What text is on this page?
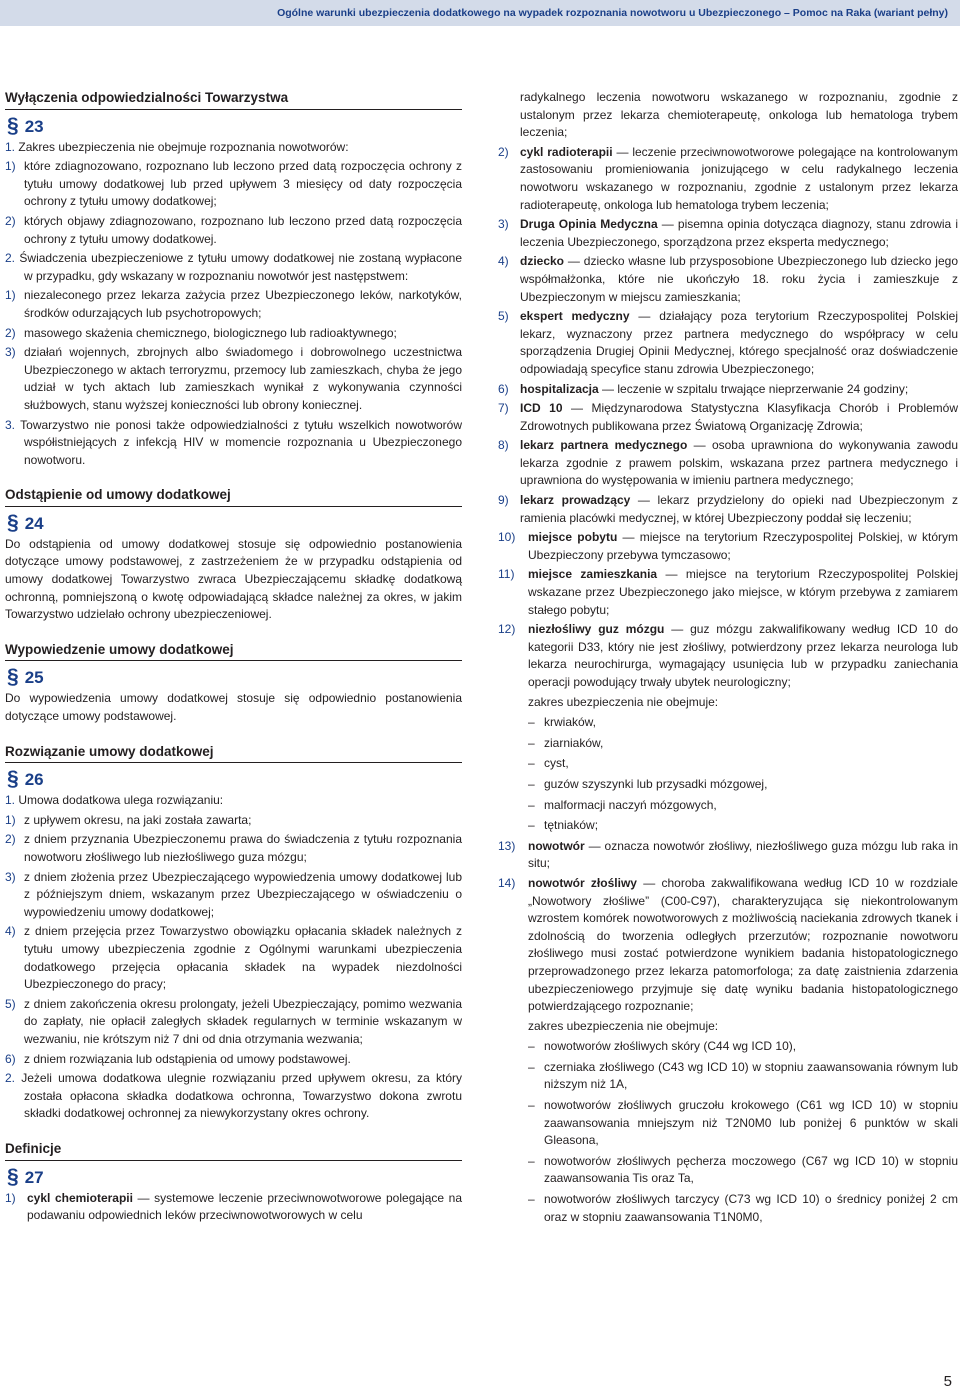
Ogólne warunki ubezpieczenia dodatkowego na wypadek rozpoznania nowotworu u Ubezpieczonego – Pomoc na Raka (wariant pełny)
Wyłączenia odpowiedzialności Towarzystwa
§ 23

1. Zakres ubezpieczenia nie obejmuje rozpoznania nowotworów:

1) które zdiagnozowano, rozpoznano lub leczono przed datą rozpoczęcia ochrony z tytułu umowy dodatkowej lub przed upływem 3 miesięcy od daty rozpoczęcia ochrony z tytułu umowy dodatkowej;
2) których objawy zdiagnozowano, rozpoznano lub leczono przed datą rozpoczęcia ochrony z tytułu umowy dodatkowej.

2. Świadczenia ubezpieczeniowe z tytułu umowy dodatkowej nie zostaną wypłacone w przypadku, gdy wskazany w rozpoznaniu nowotwór jest następstwem:

1) niezaleconego przez lekarza zażycia przez Ubezpieczonego leków, narkotyków, środków odurzających lub psychotropowych;
2) masowego skażenia chemicznego, biologicznego lub radioaktywnego;
3) działań wojennych, zbrojnych albo świadomego i dobrowolnego uczestnictwa Ubezpieczonego w aktach terroryzmu, przemocy lub zamieszkach, chyba że jego udział w tych aktach lub zamieszkach wynikał z wykonywania czynności służbowych, stanu wyższej konieczności lub obrony koniecznej.

3. Towarzystwo nie ponosi także odpowiedzialności z tytułu wszelkich nowotworów współistniejących z infekcją HIV w momencie rozpoznania u Ubezpieczonego nowotworu.

Odstąpienie od umowy dodatkowej
§ 24

Do odstąpienia od umowy dodatkowej stosuje się odpowiednio postanowienia dotyczące umowy podstawowej, z zastrzeżeniem że w przypadku odstąpienia od umowy dodatkowej Towarzystwo zwraca Ubezpieczającemu składkę dodatkową ochronną, pomniejszoną o kwotę odpowiadającą składce należnej za okres, w jakim Towarzystwo udzielało ochrony ubezpieczeniowej.

Wypowiedzenie umowy dodatkowej
§ 25

Do wypowiedzenia umowy dodatkowej stosuje się odpowiednio postanowienia dotyczące umowy podstawowej.

Rozwiązanie umowy dodatkowej
§ 26

1. Umowa dodatkowa ulega rozwiązaniu:

1) z upływem okresu, na jaki została zawarta;
2) z dniem przyznania Ubezpieczonemu prawa do świadczenia z tytułu rozpoznania nowotworu złośliwego lub niezłośliwego guza mózgu;
3) z dniem złożenia przez Ubezpieczającego wypowiedzenia umowy dodatkowej lub z późniejszym dniem, wskazanym przez Ubezpieczającego w oświadczeniu o wypowiedzeniu umowy dodatkowej;
4) z dniem przejęcia przez Towarzystwo obowiązku opłacania składek należnych z tytułu umowy ubezpieczenia zgodnie z Ogólnymi warunkami ubezpieczenia dodatkowego przejęcia opłacania składek na wypadek niezdolności Ubezpieczonego do pracy;
5) z dniem zakończenia okresu prolongaty, jeżeli Ubezpieczający, pomimo wezwania do zapłaty, nie opłacił zaległych składek regularnych w terminie wskazanym w wezwaniu, nie krótszym niż 7 dni od dnia otrzymania wezwania;
6) z dniem rozwiązania lub odstąpienia od umowy podstawowej.

2. Jeżeli umowa dodatkowa ulegnie rozwiązaniu przed upływem okresu, za który została opłacona składka dodatkowa ochronna, Towarzystwo dokona zwrotu składki dodatkowej ochronnej za niewykorzystany okres ochrony.

Definicje
§ 27
1) cykl chemioterapii — systemowe leczenie przeciwnowotworowe polegające na podawaniu odpowiednich leków przeciwnowotworowych w celu
radykalnego leczenia nowotworu wskazanego w rozpoznaniu, zgodnie z ustalonym przez lekarza chemioterapeutę, onkologa lub hematologa trybem leczenia;
2) cykl radioterapii — leczenie przeciwnowotworowe polegające na kontrolowanym zastosowaniu promieniowania jonizującego w celu radykalnego leczenia nowotworu wskazanego w rozpoznaniu, zgodnie z ustalonym przez lekarza radioterapeutę, onkologa lub hematologa trybem leczenia;
3) Druga Opinia Medyczna — pisemna opinia dotycząca diagnozy, stanu zdrowia i leczenia Ubezpieczonego, sporządzona przez eksperta medycznego;
4) dziecko — dziecko własne lub przysposobione Ubezpieczonego lub dziecko jego współmałżonka, które nie ukończyło 18. roku życia i zamieszkuje z Ubezpieczonym w miejscu zamieszkania;
5) ekspert medyczny — działający poza terytorium Rzeczypospolitej Polskiej lekarz, wyznaczony przez partnera medycznego do współpracy w celu sporządzenia Drugiej Opinii Medycznej, którego specjalność oraz doświadczenie odpowiadają specyfice stanu zdrowia Ubezpieczonego;
6) hospitalizacja — leczenie w szpitalu trwające nieprzerwanie 24 godziny;
7) ICD 10 — Międzynarodowa Statystyczna Klasyfikacja Chorób i Problemów Zdrowotnych publikowana przez Światową Organizację Zdrowia;
8) lekarz partnera medycznego — osoba uprawniona do wykonywania zawodu lekarza zgodnie z prawem polskim, wskazana przez partnera medycznego i uprawniona do występowania w imieniu partnera medycznego;
9) lekarz prowadzący — lekarz przydzielony do opieki nad Ubezpieczonym z ramienia placówki medycznej, w której Ubezpieczony poddał się leczeniu;
10) miejsce pobytu — miejsce na terytorium Rzeczypospolitej Polskiej, w którym Ubezpieczony przebywa tymczasowo;
11) miejsce zamieszkania — miejsce na terytorium Rzeczypospolitej Polskiej wskazane przez Ubezpieczonego jako miejsce, w którym przebywa z zamiarem stałego pobytu;
12) niezłośliwy guz mózgu — guz mózgu zakwalifikowany według ICD 10 do kategorii D33, który nie jest złośliwy, potwierdzony przez lekarza neurologa lub lekarza neurochirurga, wymagający usunięcia lub w przypadku zaniechania operacji powodujący trwały ubytek neurologiczny;
zakres ubezpieczenia nie obejmuje:
– krwiaków,
– ziarniaków,
– cyst,
– guzów szyszynki lub przysadki mózgowej,
– malformacji naczyń mózgowych,
– tętniaków;
13) nowotwór — oznacza nowotwór złośliwy, niezłośliwego guza mózgu lub raka in situ;
14) nowotwór złośliwy — choroba zakwalifikowana według ICD 10 w rozdziale „Nowotwory złośliwe” (C00-C97), charakteryzująca się niekontrolowanym wzrostem komórek nowotworowych z możliwością naciekania zdrowych tkanek i zdolnością do tworzenia odległych przerzutów; rozpoznanie nowotworu złośliwego musi zostać potwierdzone wynikiem badania histopatologicznego przeprowadzonego przez lekarza patomorfologa; za datę zaistnienia zdarzenia ubezpieczeniowego przyjmuje się datę wyniku badania histopatologicznego potwierdzającego rozpoznanie;
zakres ubezpieczenia nie obejmuje:
– nowotworów złośliwych skóry (C44 wg ICD 10),
– czerniaka złośliwego (C43 wg ICD 10) w stopniu zaawansowania równym lub niższym niż 1A,
– nowotworów złośliwych gruczołu krokowego (C61 wg ICD 10) w stopniu zaawansowania mniejszym niż T2N0M0 lub poniżej 6 punktów w skali Gleasona,
– nowotworów złośliwych pęcherza moczowego (C67 wg ICD 10) w stopniu zaawansowania Tis oraz Ta,
– nowotworów złośliwych tarczycy (C73 wg ICD 10) o średnicy poniżej 2 cm oraz w stopniu zaawansowania T1N0M0,
5
